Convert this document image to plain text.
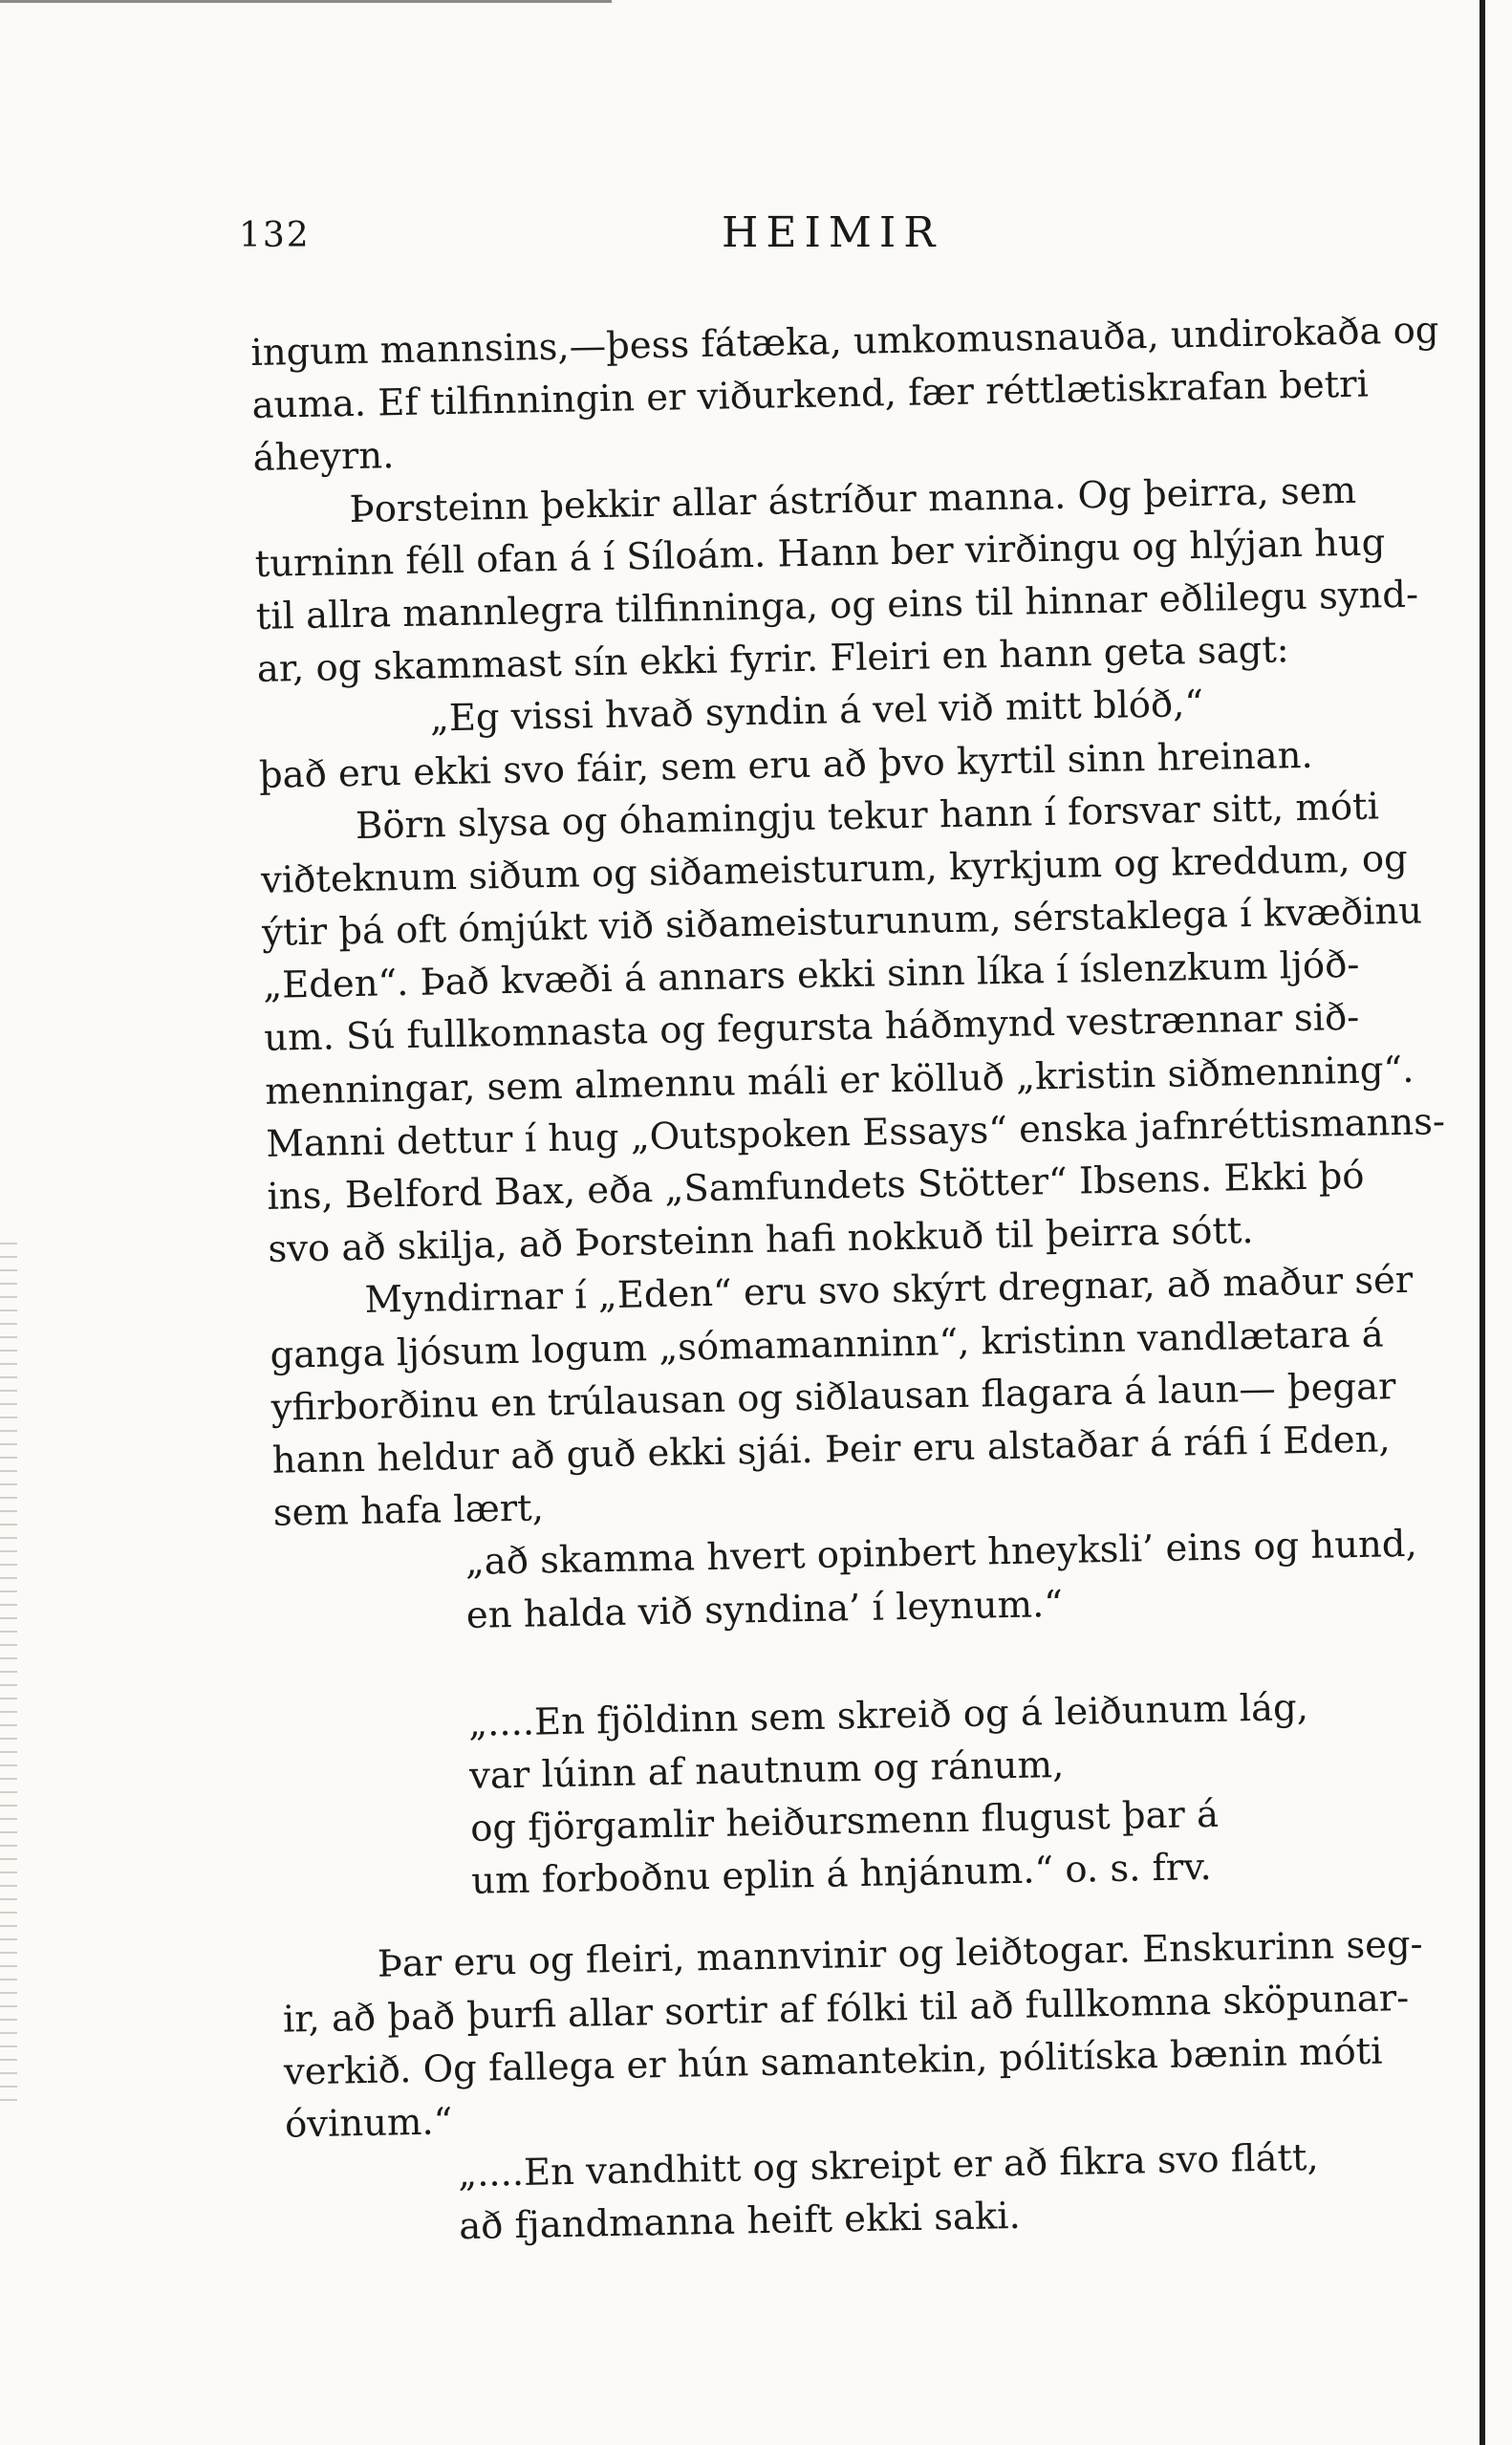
132	HEIMIR
ingum mannsins,—þess fátæka, umkomusnauða, undirokaða og
auma. Ef tilfinningin er viðurkend, fær réttlætiskrafan betri
áheyrn.
Þorsteinn þekkir allar ástríður manna. Og þeirra, sem
turninn féll ofan á í Síloám. Hann ber virðingu og hlýjan hug
til allra mannlegra tilfinninga, og eins til hinnar eðlilegu synd-
ar, og skammast sín ekki fyrir. Fleiri en hann geta sagt:
„Eg vissi hvað syndin á vel við mitt blóð,“
það eru ekki svo fáir, sem eru að þvo kyrtil sinn hreinan.
Börn slysa og óhamingju tekur hann í forsvar sitt, móti
viðteknum siðum og siðameisturum, kyrkjum og kreddum, og
ýtir þá oft ómjúkt við siðameisturunum, sérstaklega í kvæðinu
„Eden“. Það kvæði á annars ekki sinn líka í íslenzkum ljóð-
um. Sú fullkomnasta og fegursta háðmynd vestrænnar sið-
menningar, sem almennu máli er kölluð „kristin siðmenning“.
Manni dettur í hug „Outspoken Essays“ enska jafnréttismanns-
ins, Belford Bax, eða „Samfundets Stötter“ Ibsens. Ekki þó
svo að skilja, að Þorsteinn hafi nokkuð til þeirra sótt.
Myndirnar í „Eden“ eru svo skýrt dregnar, að maður sér
ganga ljósum logum „sómamanninn“, kristinn vandlætara á
yfirborðinu en trúlausan og siðlausan flagara á laun— þegar
hann heldur að guð ekki sjái. Þeir eru alstaðar á ráfi í Eden,
sem hafa lært,
„að skamma hvert opinbert hneyksli’ eins og hund,
en halda við syndina’ í leynum.“
„....En fjöldinn sem skreið og á leiðunum lág,
var lúinn af nautnum og ránum,
og fjörgamlir heiðursmenn flugust þar á
um forboðnu eplin á hnjánum.“ o. s. frv.
Þar eru og fleiri, mannvinir og leiðtogar. Enskurinn seg-
ir, að það þurfi allar sortir af fólki til að fullkomna sköpunar-
verkið. Og fallega er hún samantekin, pólitíska bænin móti
óvinum.“
„....En vandhitt og skreipt er að fikra svo flátt,
að fjandmanna heift ekki saki.
